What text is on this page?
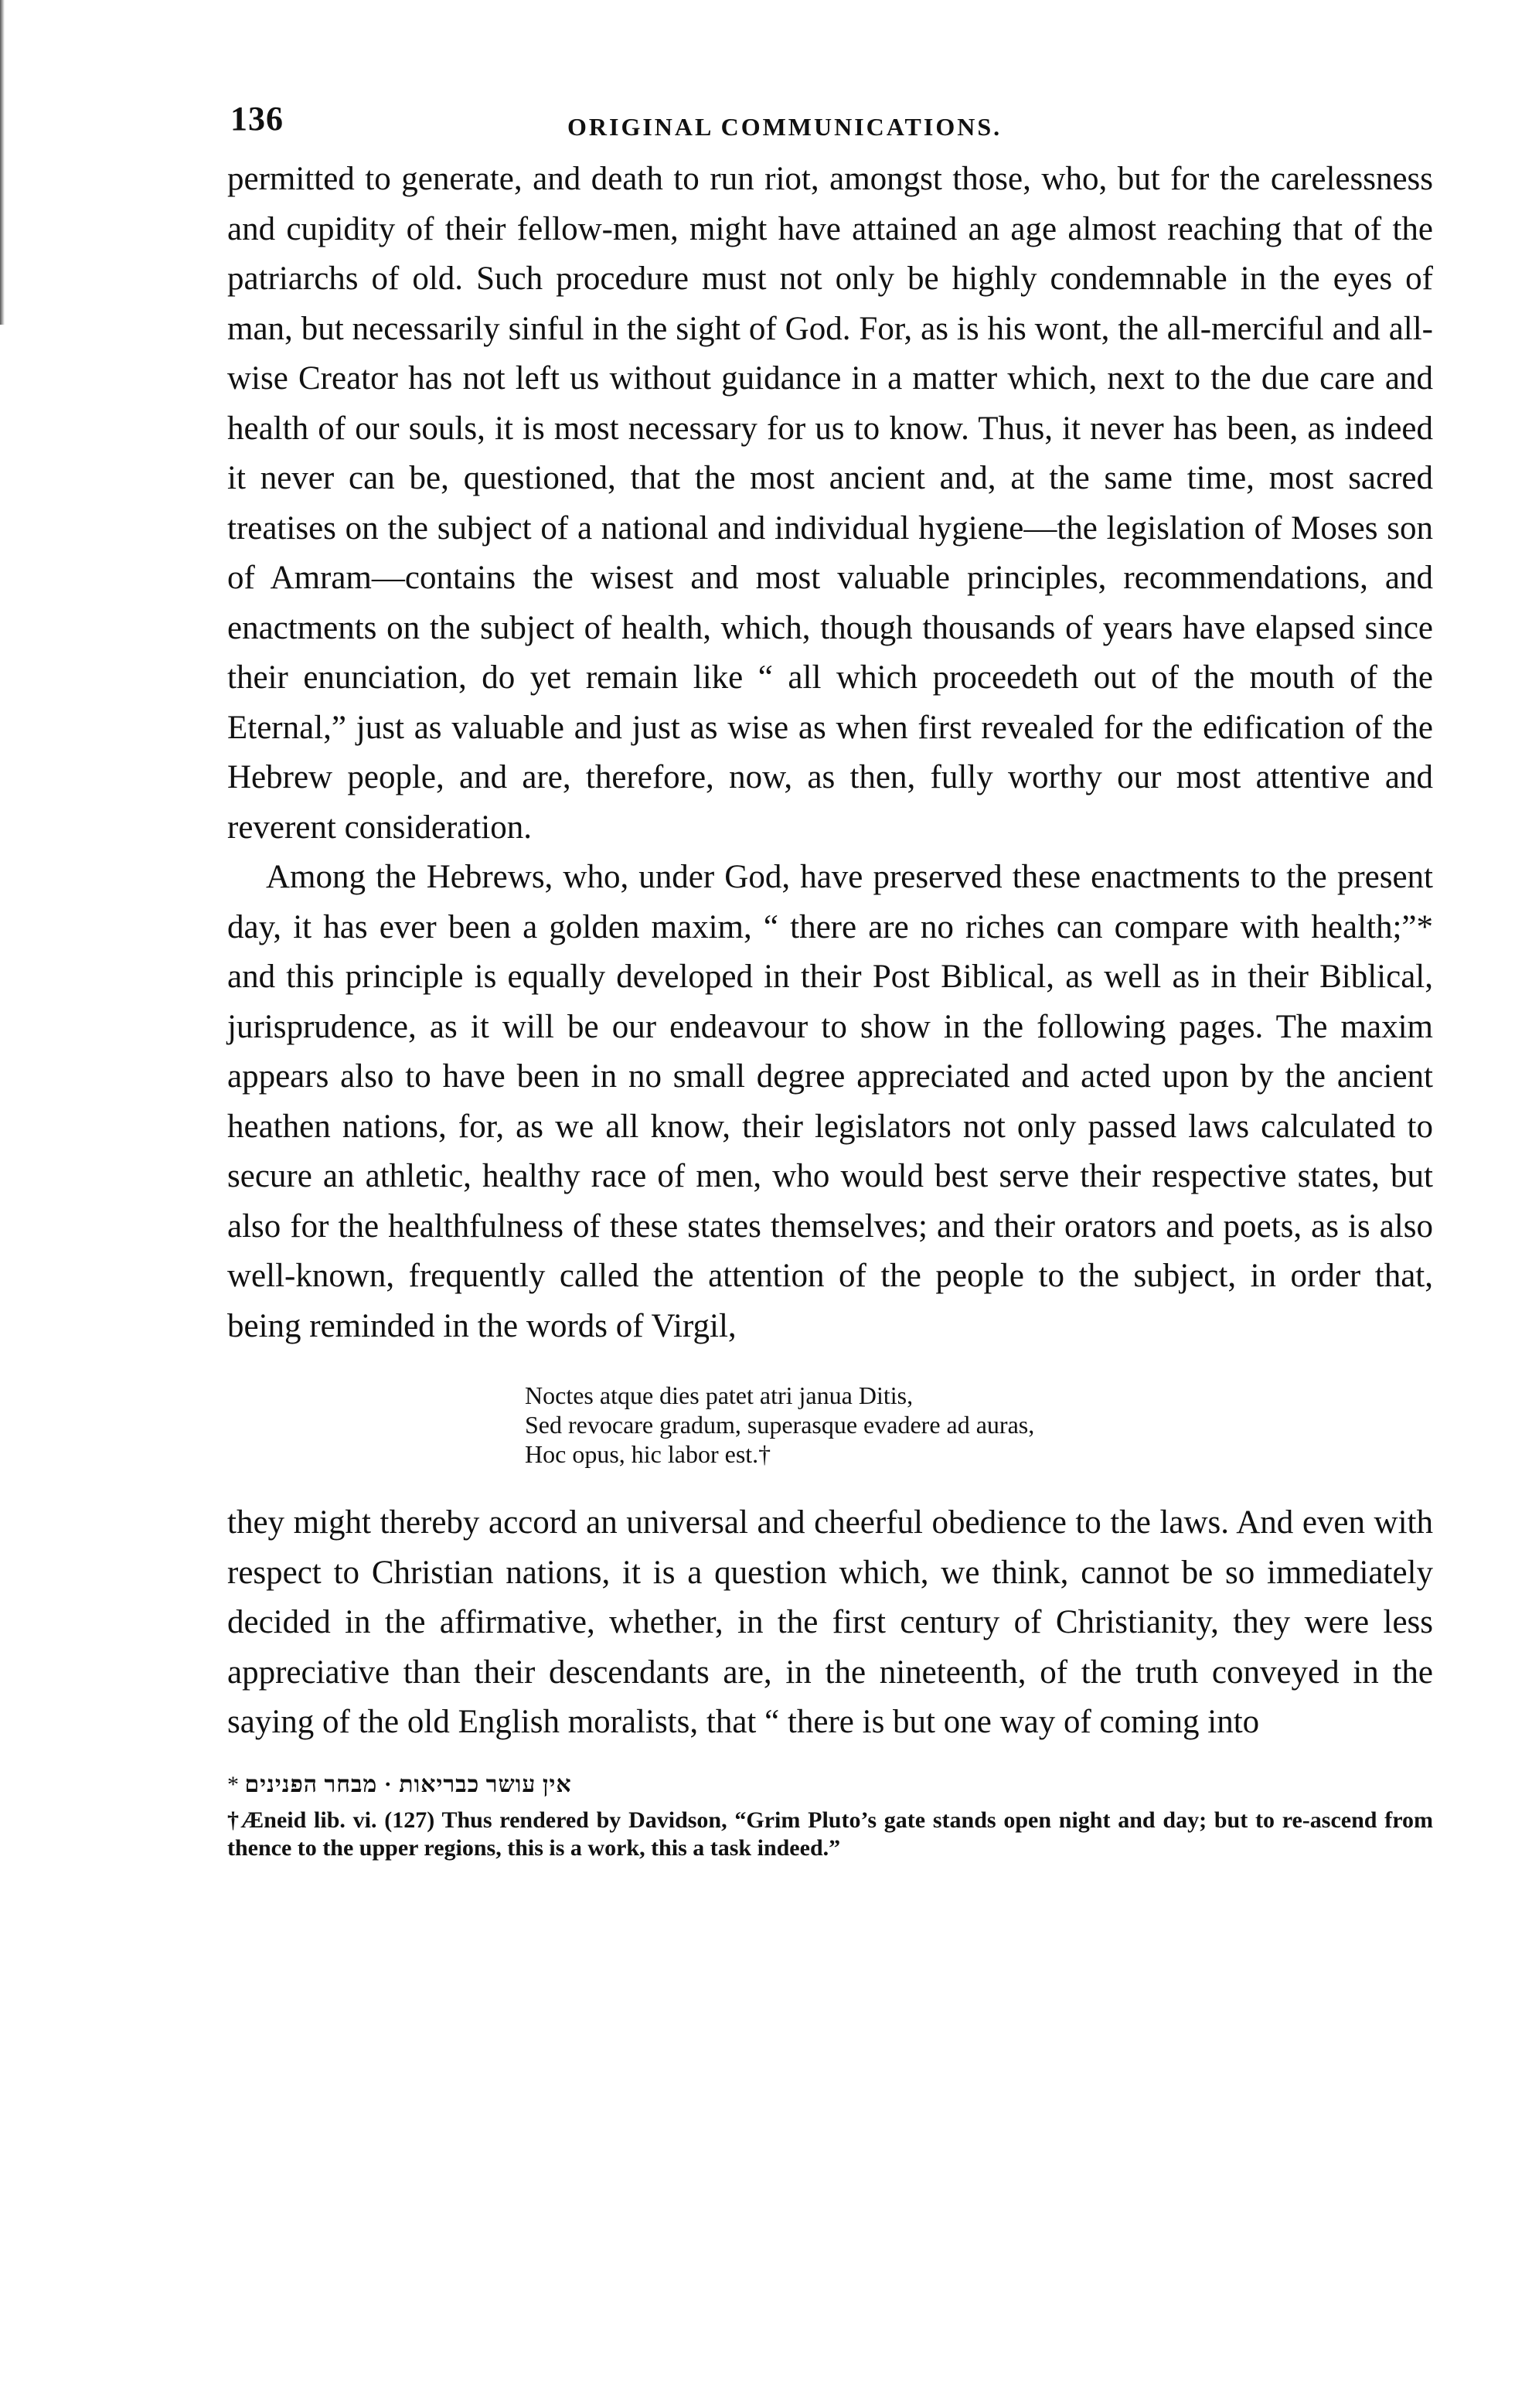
136	ORIGINAL COMMUNICATIONS.

permitted to generate, and death to run riot, amongst those, who, but for the carelessness and cupidity of their fellow-men, might have attained an age almost reaching that of the patriarchs of old. Such procedure must not only be highly condemnable in the eyes of man, but necessarily sinful in the sight of God. For, as is his wont, the all-merciful and all-wise Creator has not left us without guidance in a matter which, next to the due care and health of our souls, it is most necessary for us to know. Thus, it never has been, as indeed it never can be, questioned, that the most ancient and, at the same time, most sacred treatises on the subject of a national and individual hygiene—the legislation of Moses son of Amram—contains the wisest and most valuable principles, recommendations, and enactments on the subject of health, which, though thousands of years have elapsed since their enunciation, do yet remain like “ all which proceedeth out of the mouth of the Eternal,” just as valuable and just as wise as when first revealed for the edification of the Hebrew people, and are, therefore, now, as then, fully worthy our most attentive and reverent consideration.

Among the Hebrews, who, under God, have preserved these enactments to the present day, it has ever been a golden maxim, “ there are no riches can compare with health;”* and this principle is equally developed in their Post Biblical, as well as in their Biblical, jurisprudence, as it will be our endeavour to show in the following pages. The maxim appears also to have been in no small degree appreciated and acted upon by the ancient heathen nations, for, as we all know, their legislators not only passed laws calculated to secure an athletic, healthy race of men, who would best serve their respective states, but also for the healthfulness of these states themselves; and their orators and poets, as is also well-known, frequently called the attention of the people to the subject, in order that, being reminded in the words of Virgil,

Noctes atque dies patet atri janua Ditis,
Sed revocare gradum, superasque evadere ad auras,
Hoc opus, hic labor est.†

they might thereby accord an universal and cheerful obedience to the laws. And even with respect to Christian nations, it is a question which, we think, cannot be so immediately decided in the affirmative, whether, in the first century of Christianity, they were less appreciative than their descendants are, in the nineteenth, of the truth conveyed in the saying of the old English moralists, that “ there is but one way of coming into

* אין עושר כבריאות · מבחר הפנינים
†Æneid lib. vi. (127) Thus rendered by Davidson, “Grim Pluto’s gate stands open night and day; but to re-ascend from thence to the upper regions, this is a work, this a task indeed.”
